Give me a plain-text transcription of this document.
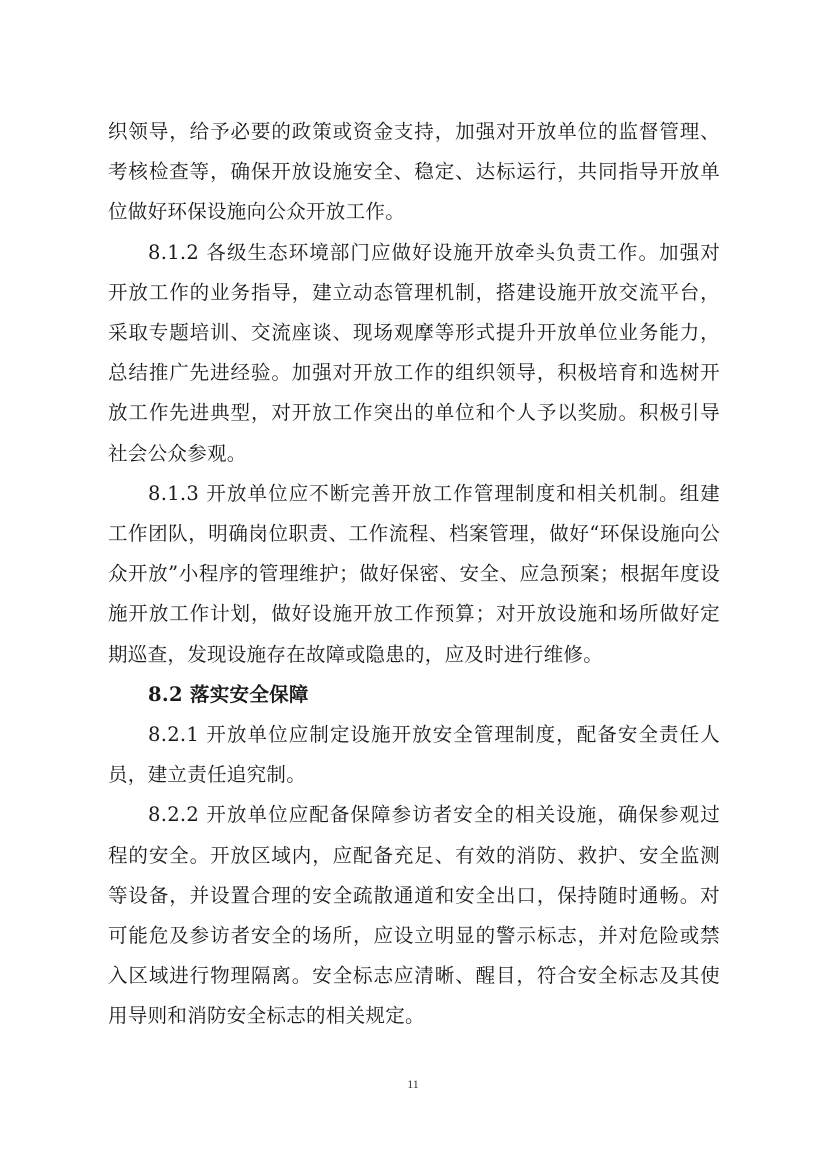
织领导，给予必要的政策或资金支持，加强对开放单位的监督管理、考核检查等，确保开放设施安全、稳定、达标运行，共同指导开放单位做好环保设施向公众开放工作。

8.1.2 各级生态环境部门应做好设施开放牵头负责工作。加强对开放工作的业务指导，建立动态管理机制，搭建设施开放交流平台，采取专题培训、交流座谈、现场观摩等形式提升开放单位业务能力，总结推广先进经验。加强对开放工作的组织领导，积极培育和选树开放工作先进典型，对开放工作突出的单位和个人予以奖励。积极引导社会公众参观。

8.1.3 开放单位应不断完善开放工作管理制度和相关机制。组建工作团队，明确岗位职责、工作流程、档案管理，做好“环保设施向公众开放”小程序的管理维护；做好保密、安全、应急预案；根据年度设施开放工作计划，做好设施开放工作预算；对开放设施和场所做好定期巡查，发现设施存在故障或隐患的，应及时进行维修。

8.2 落实安全保障

8.2.1 开放单位应制定设施开放安全管理制度，配备安全责任人员，建立责任追究制。

8.2.2 开放单位应配备保障参访者安全的相关设施，确保参观过程的安全。开放区域内，应配备充足、有效的消防、救护、安全监测等设备，并设置合理的安全疏散通道和安全出口，保持随时通畅。对可能危及参访者安全的场所，应设立明显的警示标志，并对危险或禁入区域进行物理隔离。安全标志应清晰、醒目，符合安全标志及其使用导则和消防安全标志的相关规定。

11
